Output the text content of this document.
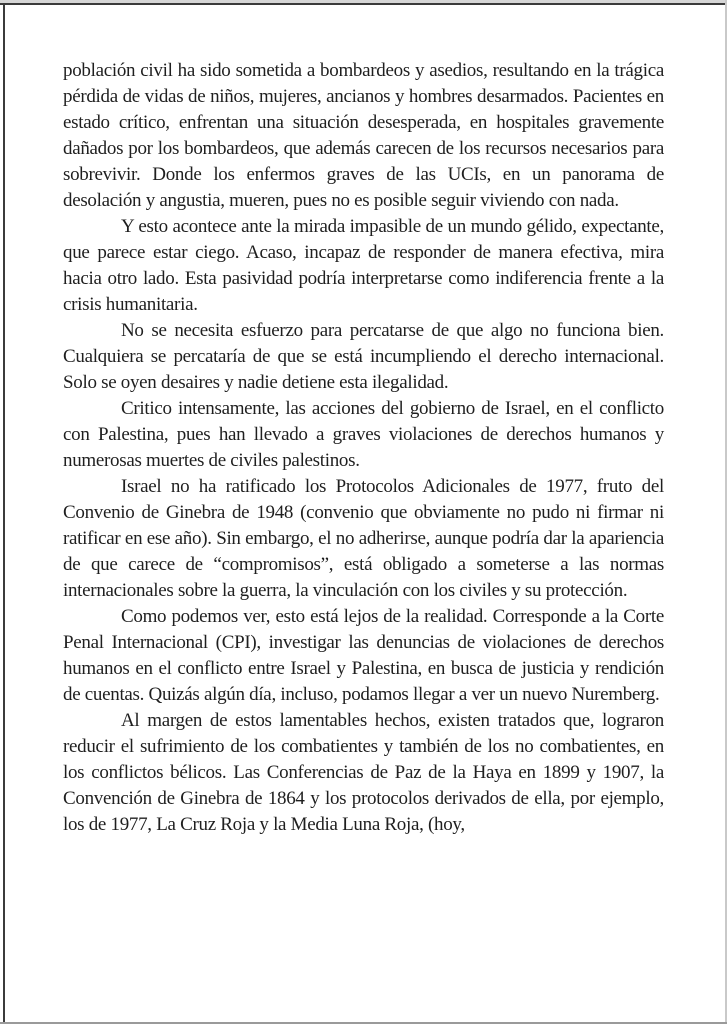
población civil ha sido sometida a bombardeos y asedios, resultando en la trágica pérdida de vidas de niños, mujeres, ancianos y hombres desarmados. Pacientes en estado crítico, enfrentan una situación desesperada, en hospitales gravemente dañados por los bombardeos, que además carecen de los recursos necesarios para sobrevivir. Donde los enfermos graves de las UCIs, en un panorama de desolación y angustia, mueren, pues no es posible seguir viviendo con nada.

Y esto acontece ante la mirada impasible de un mundo gélido, expectante, que parece estar ciego. Acaso, incapaz de responder de manera efectiva, mira hacia otro lado. Esta pasividad podría interpretarse como indiferencia frente a la crisis humanitaria.

No se necesita esfuerzo para percatarse de que algo no funciona bien. Cualquiera se percataría de que se está incumpliendo el derecho internacional. Solo se oyen desaires y nadie detiene esta ilegalidad.

Critico intensamente, las acciones del gobierno de Israel, en el conflicto con Palestina, pues han llevado a graves violaciones de derechos humanos y numerosas muertes de civiles palestinos.

Israel no ha ratificado los Protocolos Adicionales de 1977, fruto del Convenio de Ginebra de 1948 (convenio que obviamente no pudo ni firmar ni ratificar en ese año). Sin embargo, el no adherirse, aunque podría dar la apariencia de que carece de “compromisos”, está obligado a someterse a las normas internacionales sobre la guerra, la vinculación con los civiles y su protección.

Como podemos ver, esto está lejos de la realidad. Corresponde a la Corte Penal Internacional (CPI), investigar las denuncias de violaciones de derechos humanos en el conflicto entre Israel y Palestina, en busca de justicia y rendición de cuentas. Quizás algún día, incluso, podamos llegar a ver un nuevo Nuremberg.

Al margen de estos lamentables hechos, existen tratados que, lograron reducir el sufrimiento de los combatientes y también de los no combatientes, en los conflictos bélicos. Las Conferencias de Paz de la Haya en 1899 y 1907, la Convención de Ginebra de 1864 y los protocolos derivados de ella, por ejemplo, los de 1977, La Cruz Roja y la Media Luna Roja, (hoy,
